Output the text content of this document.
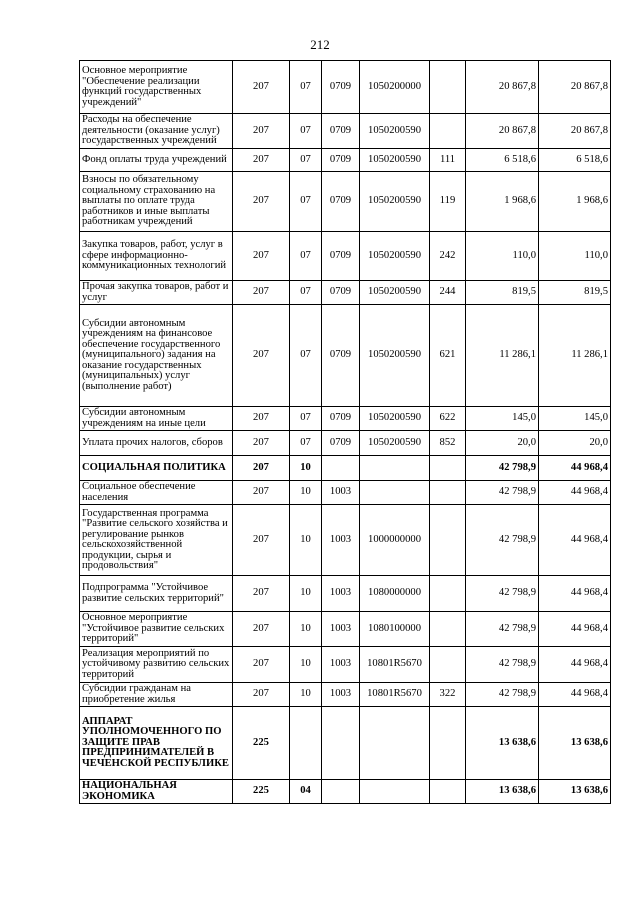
212
Основное мероприятие "Обеспечение реализации функций государственных учреждений"	207	07	0709	1050200000		20 867,8	20 867,8
Расходы на обеспечение деятельности (оказание услуг) государственных учреждений	207	07	0709	1050200590		20 867,8	20 867,8
Фонд оплаты труда учреждений	207	07	0709	1050200590	111	6 518,6	6 518,6
Взносы по обязательному социальному страхованию на выплаты по оплате труда работников и иные выплаты работникам учреждений	207	07	0709	1050200590	119	1 968,6	1 968,6
Закупка товаров, работ, услуг в сфере информационно-коммуникационных технологий	207	07	0709	1050200590	242	110,0	110,0
Прочая закупка товаров, работ и услуг	207	07	0709	1050200590	244	819,5	819,5
Субсидии автономным учреждениям на финансовое обеспечение государственного (муниципального) задания на оказание государственных (муниципальных) услуг (выполнение работ)	207	07	0709	1050200590	621	11 286,1	11 286,1
Субсидии автономным учреждениям на иные цели	207	07	0709	1050200590	622	145,0	145,0
Уплата прочих налогов, сборов	207	07	0709	1050200590	852	20,0	20,0
СОЦИАЛЬНАЯ ПОЛИТИКА	207	10				42 798,9	44 968,4
Социальное обеспечение населения	207	10	1003			42 798,9	44 968,4
Государственная программа "Развитие сельского хозяйства и регулирование рынков сельскохозяйственной продукции, сырья и продовольствия"	207	10	1003	1000000000		42 798,9	44 968,4
Подпрограмма "Устойчивое развитие сельских территорий"	207	10	1003	1080000000		42 798,9	44 968,4
Основное мероприятие "Устойчивое развитие сельских территорий"	207	10	1003	1080100000		42 798,9	44 968,4
Реализация мероприятий по устойчивому развитию сельских территорий	207	10	1003	10801R5670		42 798,9	44 968,4
Субсидии гражданам на приобретение жилья	207	10	1003	10801R5670	322	42 798,9	44 968,4
АППАРАТ УПОЛНОМОЧЕННОГО ПО ЗАЩИТЕ ПРАВ ПРЕДПРИНИМАТЕЛЕЙ В ЧЕЧЕНСКОЙ РЕСПУБЛИКЕ	225					13 638,6	13 638,6
НАЦИОНАЛЬНАЯ ЭКОНОМИКА	225	04				13 638,6	13 638,6
